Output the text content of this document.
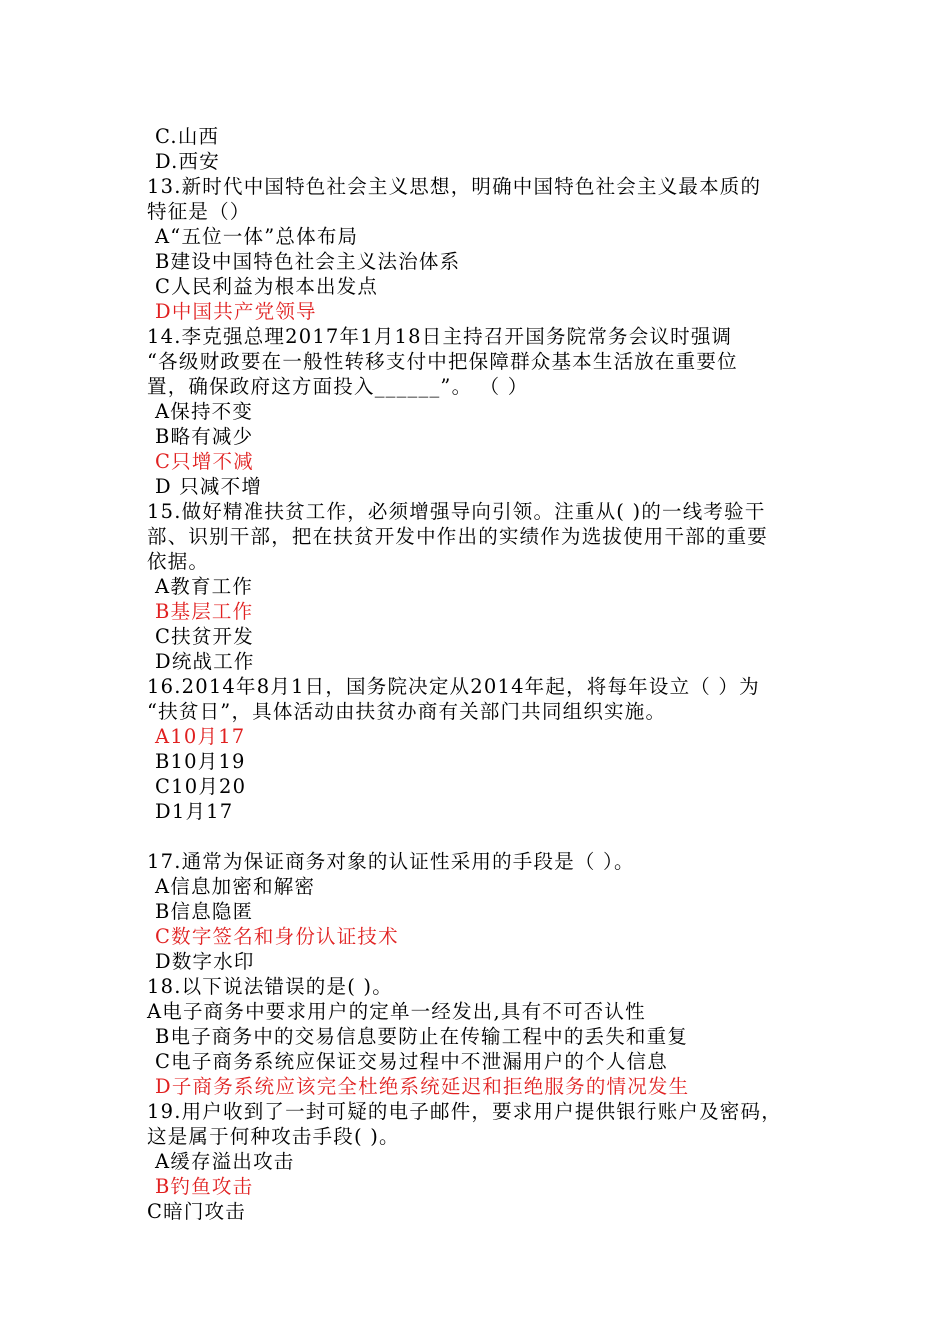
C.山西
D.西安
13.新时代中国特色社会主义思想，明确中国特色社会主义最本质的
特征是（）
A“五位一体”总体布局
B建设中国特色社会主义法治体系
C人民利益为根本出发点
D中国共产党领导
14.李克强总理2017年1月18日主持召开国务院常务会议时强调
“各级财政要在一般性转移支付中把保障群众基本生活放在重要位
置，确保政府这方面投入______”。 （ ）
A保持不变
B略有减少
C只增不减
D 只减不增
15.做好精准扶贫工作，必须增强导向引领。注重从( )的一线考验干
部、识别干部，把在扶贫开发中作出的实绩作为选拔使用干部的重要
依据。
A教育工作
B基层工作
C扶贫开发
D统战工作
16.2014年8月1日，国务院决定从2014年起，将每年设立（ ）为
“扶贫日”，具体活动由扶贫办商有关部门共同组织实施。
A10月17
B10月19
C10月20
D1月17
17.通常为保证商务对象的认证性采用的手段是（ ）。
A信息加密和解密
B信息隐匿
C数字签名和身份认证技术
D数字水印
18.以下说法错误的是( )。
A电子商务中要求用户的定单一经发出,具有不可否认性
B电子商务中的交易信息要防止在传输工程中的丢失和重复
C电子商务系统应保证交易过程中不泄漏用户的个人信息
D子商务系统应该完全杜绝系统延迟和拒绝服务的情况发生
19.用户收到了一封可疑的电子邮件，要求用户提供银行账户及密码，
这是属于何种攻击手段( )。
A缓存溢出攻击
B钓鱼攻击
C暗门攻击
